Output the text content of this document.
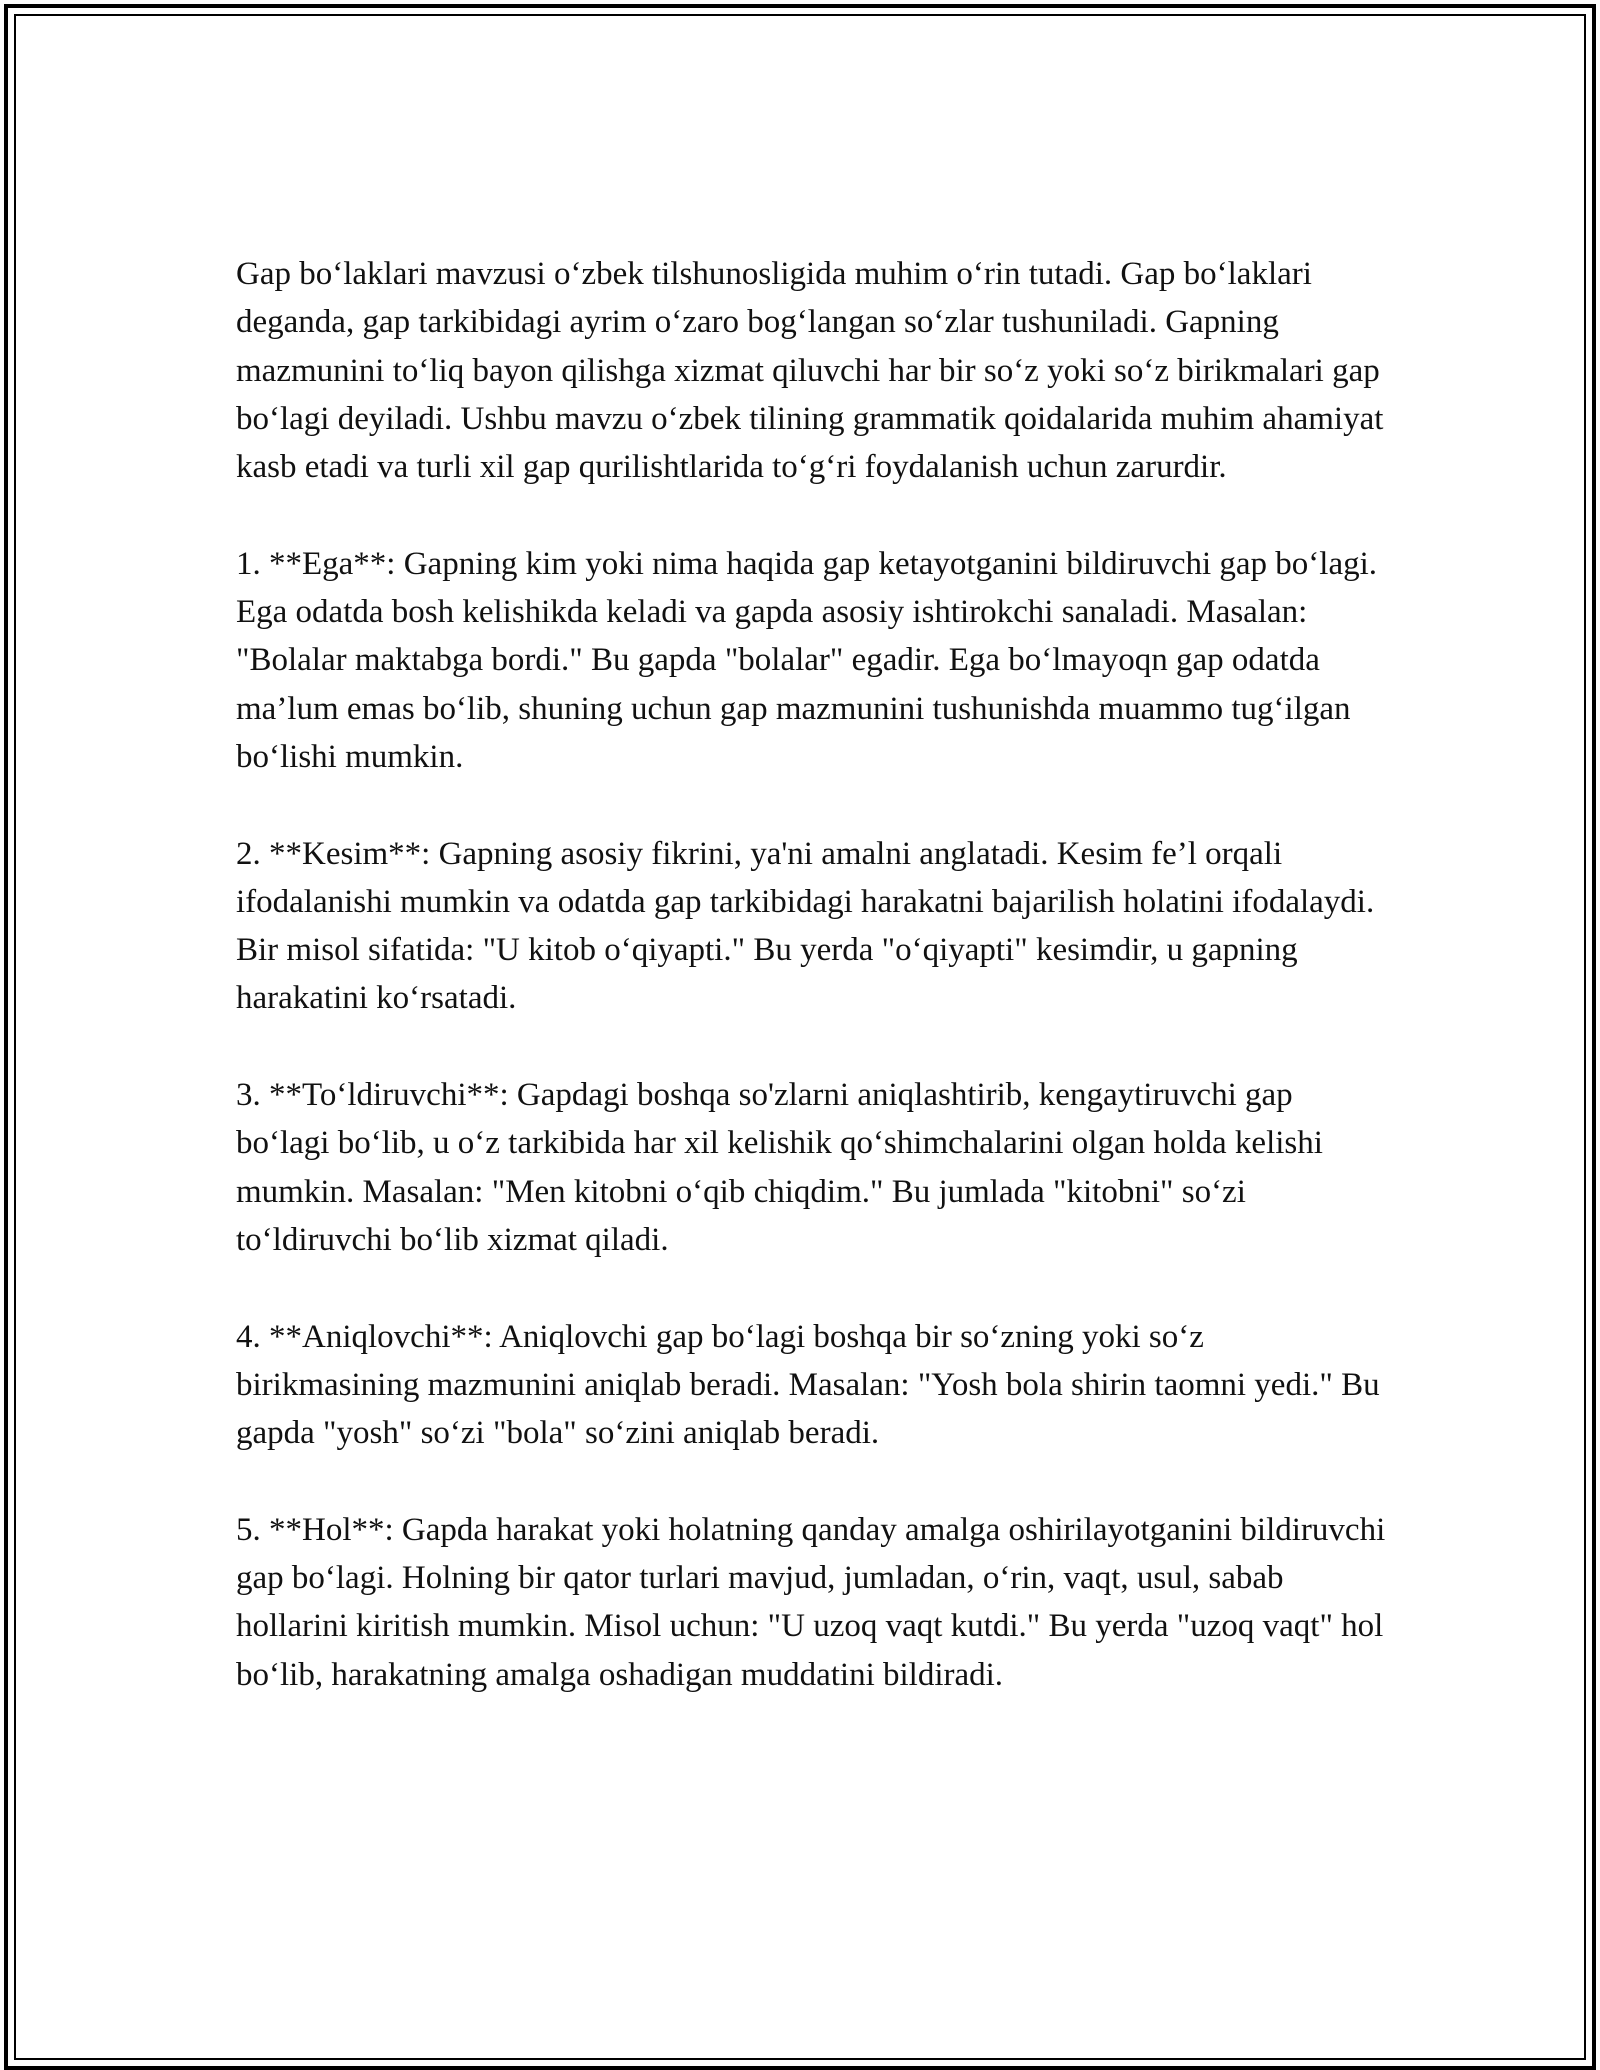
Gap bo‘laklari mavzusi o‘zbek tilshunosligida muhim o‘rin tutadi. Gap bo‘laklari deganda, gap tarkibidagi ayrim o‘zaro bog‘langan so‘zlar tushuniladi. Gapning mazmunini to‘liq bayon qilishga xizmat qiluvchi har bir so‘z yoki so‘z birikmalari gap bo‘lagi deyiladi. Ushbu mavzu o‘zbek tilining grammatik qoidalarida muhim ahamiyat kasb etadi va turli xil gap qurilishtlarida to‘g‘ri foydalanish uchun zarurdir.

1. **Ega**: Gapning kim yoki nima haqida gap ketayotganini bildiruvchi gap bo‘lagi. Ega odatda bosh kelishikda keladi va gapda asosiy ishtirokchi sanaladi. Masalan: "Bolalar maktabga bordi." Bu gapda "bolalar" egadir. Ega bo‘lmayoqn gap odatda ma’lum emas bo‘lib, shuning uchun gap mazmunini tushunishda muammo tug‘ilgan bo‘lishi mumkin.

2. **Kesim**: Gapning asosiy fikrini, ya'ni amalni anglatadi. Kesim fe’l orqali ifodalanishi mumkin va odatda gap tarkibidagi harakatni bajarilish holatini ifodalaydi. Bir misol sifatida: "U kitob o‘qiyapti." Bu yerda "o‘qiyapti" kesimdir, u gapning harakatini ko‘rsatadi.

3. **To‘ldiruvchi**: Gapdagi boshqa so'zlarni aniqlashtirib, kengaytiruvchi gap bo‘lagi bo‘lib, u o‘z tarkibida har xil kelishik qo‘shimchalarini olgan holda kelishi mumkin. Masalan: "Men kitobni o‘qib chiqdim." Bu jumlada "kitobni" so‘zi to‘ldiruvchi bo‘lib xizmat qiladi.

4. **Aniqlovchi**: Aniqlovchi gap bo‘lagi boshqa bir so‘zning yoki so‘z birikmasining mazmunini aniqlab beradi. Masalan: "Yosh bola shirin taomni yedi." Bu gapda "yosh" so‘zi "bola" so‘zini aniqlab beradi.

5. **Hol**: Gapda harakat yoki holatning qanday amalga oshirilayotganini bildiruvchi gap bo‘lagi. Holning bir qator turlari mavjud, jumladan, o‘rin, vaqt, usul, sabab hollarini kiritish mumkin. Misol uchun: "U uzoq vaqt kutdi." Bu yerda "uzoq vaqt" hol bo‘lib, harakatning amalga oshadigan muddatini bildiradi.
